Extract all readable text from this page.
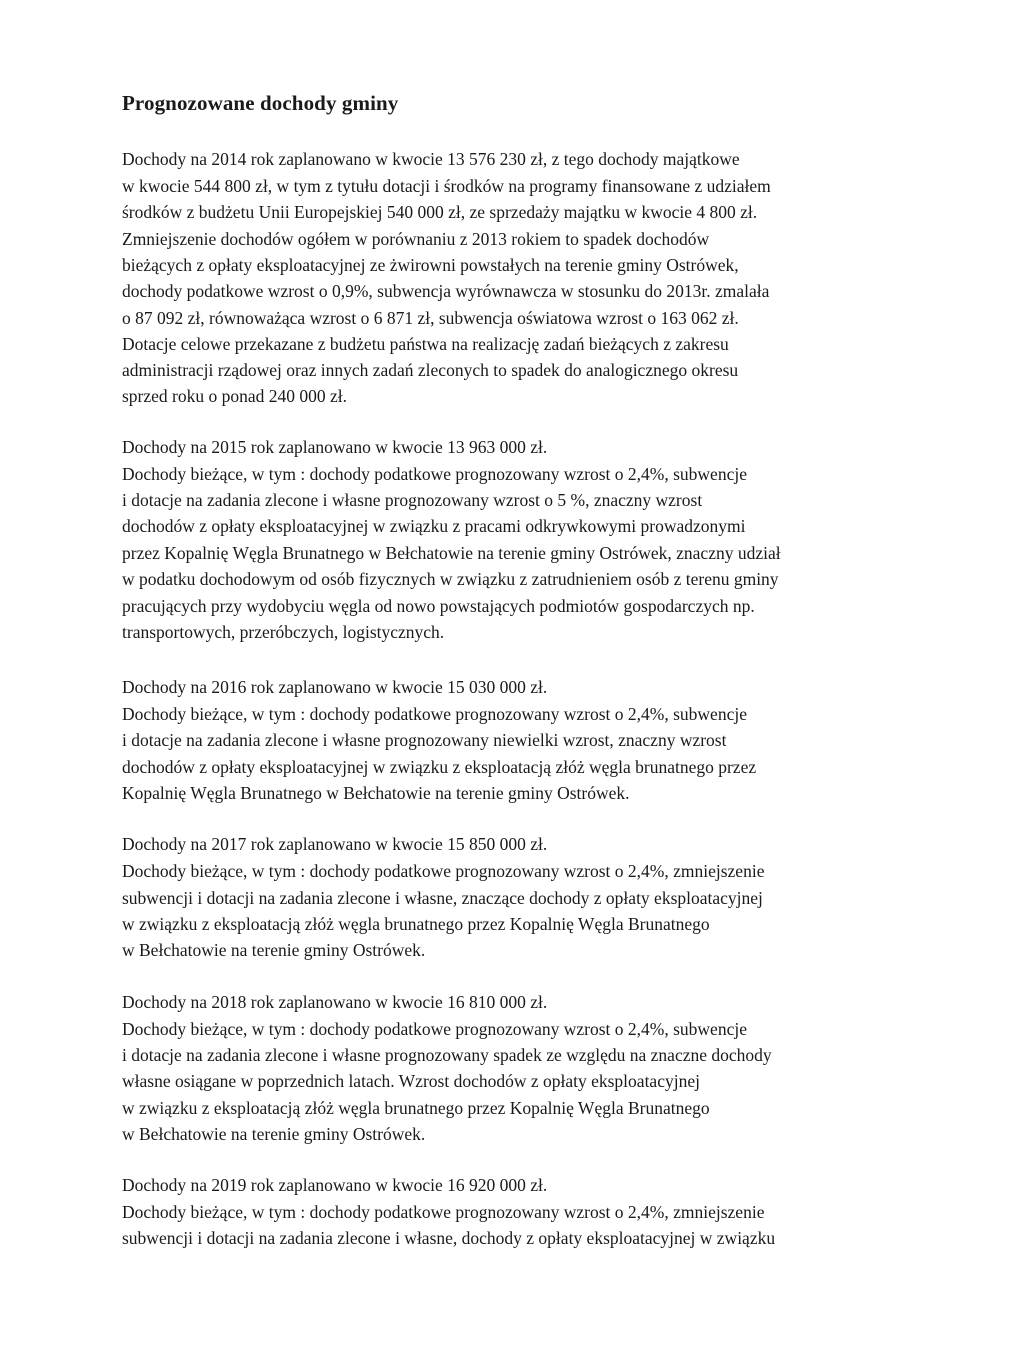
Prognozowane dochody gminy
Dochody na 2014 rok zaplanowano w kwocie 13 576 230 zł, z tego dochody majątkowe
w kwocie 544 800 zł, w tym z tytułu dotacji i środków na programy finansowane z udziałem
środków z budżetu Unii Europejskiej 540 000 zł, ze sprzedaży majątku w kwocie 4 800 zł.
Zmniejszenie dochodów ogółem w porównaniu z 2013 rokiem to spadek dochodów
bieżących z opłaty eksploatacyjnej ze żwirowni powstałych na terenie gminy Ostrówek,
dochody podatkowe wzrost o 0,9%, subwencja wyrównawcza w stosunku do 2013r. zmalała
o 87 092 zł, równoważąca wzrost o 6 871 zł, subwencja oświatowa wzrost o 163 062 zł.
Dotacje celowe przekazane z budżetu państwa na realizację zadań bieżących z zakresu
administracji rządowej oraz innych zadań zleconych to spadek do analogicznego okresu
sprzed roku o ponad 240 000 zł.
Dochody na 2015 rok zaplanowano w kwocie 13 963 000 zł.
Dochody bieżące, w tym : dochody podatkowe prognozowany wzrost o 2,4%, subwencje
i dotacje na zadania zlecone i własne prognozowany wzrost o 5 %, znaczny wzrost
dochodów z opłaty eksploatacyjnej w związku z pracami odkrywkowymi prowadzonymi
przez Kopalnię Węgla Brunatnego w Bełchatowie na terenie gminy Ostrówek, znaczny udział
w podatku dochodowym od osób fizycznych w związku z zatrudnieniem osób z terenu gminy
pracujących przy wydobyciu węgla od nowo powstających podmiotów gospodarczych np.
transportowych, przeróbczych, logistycznych.
Dochody na 2016 rok zaplanowano w kwocie 15 030 000 zł.
Dochody bieżące, w tym : dochody podatkowe prognozowany wzrost o 2,4%, subwencje
i dotacje na zadania zlecone i własne prognozowany niewielki wzrost, znaczny wzrost
dochodów z opłaty eksploatacyjnej w związku z eksploatacją złóż węgla brunatnego przez
Kopalnię Węgla Brunatnego w Bełchatowie na terenie gminy Ostrówek.
Dochody na 2017 rok zaplanowano w kwocie 15 850 000 zł.
Dochody bieżące, w tym : dochody podatkowe prognozowany wzrost o 2,4%, zmniejszenie
subwencji i dotacji na zadania zlecone i własne, znaczące dochody z opłaty eksploatacyjnej
w związku z eksploatacją złóż węgla brunatnego przez Kopalnię Węgla Brunatnego
w Bełchatowie na terenie gminy Ostrówek.
Dochody na 2018 rok zaplanowano w kwocie 16 810 000 zł.
Dochody bieżące, w tym : dochody podatkowe prognozowany wzrost o 2,4%, subwencje
i dotacje na zadania zlecone i własne prognozowany spadek ze względu na znaczne dochody
własne osiągane w poprzednich latach. Wzrost dochodów z opłaty eksploatacyjnej
w związku z eksploatacją złóż węgla brunatnego przez Kopalnię Węgla Brunatnego
w Bełchatowie na terenie gminy Ostrówek.
Dochody na 2019 rok zaplanowano w kwocie 16 920 000 zł.
Dochody bieżące, w tym : dochody podatkowe prognozowany wzrost o 2,4%, zmniejszenie
subwencji i dotacji na zadania zlecone i własne, dochody z opłaty eksploatacyjnej w związku
